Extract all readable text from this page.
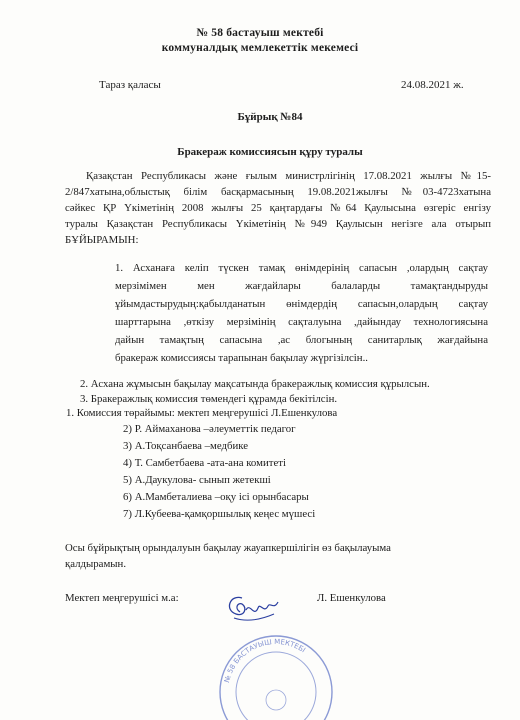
№ 58 бастауыш мектебі
коммуналдық мемлекеттік мекемесі
Тараз қаласы	24.08.2021 ж.
Бұйрық №84
Бракераж комиссиясын құру туралы
Қазақстан Республикасы және ғылым министрлігінің 17.08.2021 жылғы №15-
2/847хатына,облыстық білім басқармасының 19.08.2021жылғы №03-4723хатына
сәйкес ҚР Үкіметінің 2008 жылғы 25 қаңтардағы №64 Қаулысына өзгеріс енгізу
туралы Қазақстан Республикасы Үкіметінің №949 Қаулысын негізге ала отырып
БҰЙЫРАМЫН:
1. Асханаға келіп түскен тамақ өнімдерінің сапасын ,олардың сақтау
мерзімімен мен жағдайлары балаларды тамақтандыруды
ұйымдастырудың:қабылданатын өнімдердің сапасын,олардың сақтау
шарттарына ,өткізу мерзімінің сақталуына ,дайындау технологиясына
дайын тамақтың сапасына ,ас блогының санитарлық жағдайына
бракераж комиссиясы тарапынан бақылау жүргізілсін..
2. Асхана жұмысын бақылау мақсатында бракеражлық комиссия құрылсын.
3. Бракеражлық комиссия төмендегі құрамда бекітілсін.
1. Комиссия төрайымы: мектеп меңгерушісі Л.Ешенкулова
2) Р. Аймаханова –әлеуметтік педагог
3) А.Тоқсанбаева –медбике
4) Т. Самбетбаева -ата-ана комитеті
5) А.Даукулова- сынып жетекші
6) А.Мамбеталиева –оқу ісі орынбасары
7) Л.Кубеева-қамқоршылық кеңес мүшесі
Осы бұйрықтың орындалуын бақылау жауапкершілігін өз бақылауыма
қалдырамын.
Мектеп меңгерушісі м.а:	Л. Ешенкулова
№ 58 БАСТАУЫШ МЕКТЕБІ
